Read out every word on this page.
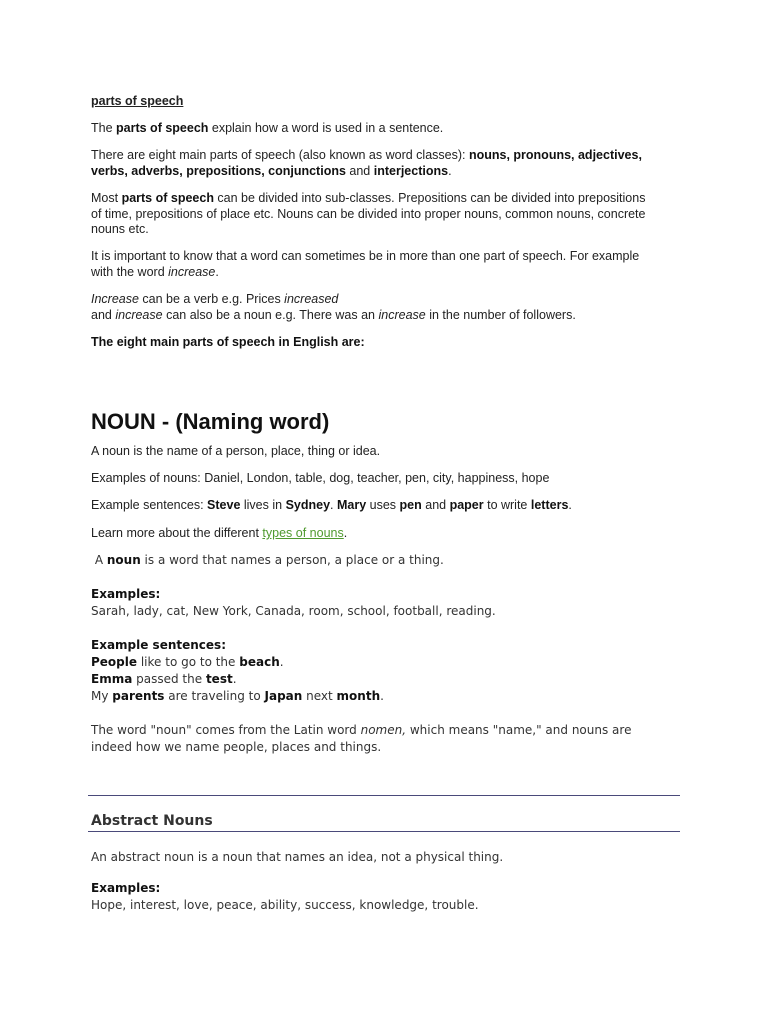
parts of speech

The parts of speech explain how a word is used in a sentence.

There are eight main parts of speech (also known as word classes): nouns, pronouns, adjectives,
verbs, adverbs, prepositions, conjunctions and interjections.

Most parts of speech can be divided into sub-classes. Prepositions can be divided into prepositions
of time, prepositions of place etc. Nouns can be divided into proper nouns, common nouns, concrete
nouns etc.

It is important to know that a word can sometimes be in more than one part of speech. For example
with the word increase.

Increase can be a verb e.g. Prices increased
and increase can also be a noun e.g. There was an increase in the number of followers.

The eight main parts of speech in English are:

NOUN - (Naming word)

A noun is the name of a person, place, thing or idea.

Examples of nouns: Daniel, London, table, dog, teacher, pen, city, happiness, hope

Example sentences: Steve lives in Sydney. Mary uses pen and paper to write letters.

Learn more about the different types of nouns.

A noun is a word that names a person, a place or a thing.

Examples:
Sarah, lady, cat, New York, Canada, room, school, football, reading.

Example sentences:
People like to go to the beach.
Emma passed the test.
My parents are traveling to Japan next month.

The word "noun" comes from the Latin word nomen, which means "name," and nouns are
indeed how we name people, places and things.

Abstract Nouns

An abstract noun is a noun that names an idea, not a physical thing.

Examples:
Hope, interest, love, peace, ability, success, knowledge, trouble.
